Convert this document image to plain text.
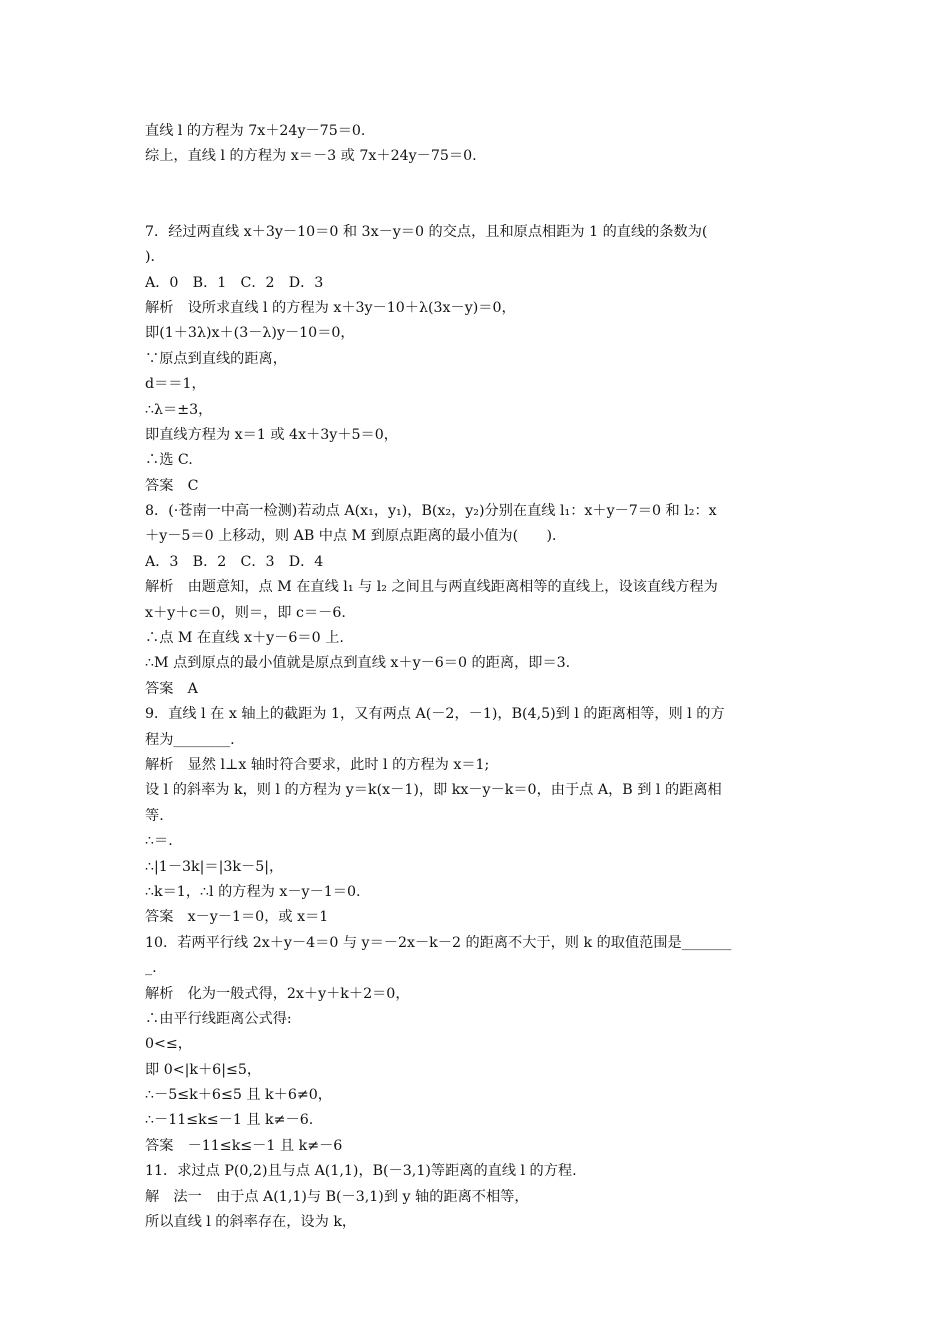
直线 l 的方程为 7x＋24y－75＝0.
综上，直线 l 的方程为 x＝－3 或 7x＋24y－75＝0.
7．经过两直线 x＋3y－10＝0 和 3x－y＝0 的交点，且和原点相距为 1 的直线的条数为(
)．
A．0　B．1　C．2　D．3
解析　设所求直线 l 的方程为 x＋3y－10＋λ(3x－y)＝0，
即(1＋3λ)x＋(3－λ)y－10＝0，
∵原点到直线的距离，
d＝＝1，
∴λ＝±3，
即直线方程为 x＝1 或 4x＋3y＋5＝0，
∴选 C.
答案　C
8．(·苍南一中高一检测)若动点 A(x₁，y₁)，B(x₂，y₂)分别在直线 l₁：x＋y－7＝0 和 l₂：x
＋y－5＝0 上移动，则 AB 中点 M 到原点距离的最小值为(　　)．
A．3　B．2　C．3　D．4
解析　由题意知，点 M 在直线 l₁ 与 l₂ 之间且与两直线距离相等的直线上，设该直线方程为
x＋y＋c＝0，则＝，即 c＝－6.
∴点 M 在直线 x＋y－6＝0 上.
∴M 点到原点的最小值就是原点到直线 x＋y－6＝0 的距离，即＝3.
答案　A
9．直线 l 在 x 轴上的截距为 1，又有两点 A(－2，－1)，B(4,5)到 l 的距离相等，则 l 的方
程为________.
解析　显然 l⊥x 轴时符合要求，此时 l 的方程为 x＝1;
设 l 的斜率为 k，则 l 的方程为 y＝k(x－1)，即 kx－y－k＝0，由于点 A，B 到 l 的距离相
等.
∴＝.
∴|1－3k|＝|3k－5|，
∴k＝1，∴l 的方程为 x－y－1＝0.
答案　x－y－1＝0，或 x＝1
10．若两平行线 2x＋y－4＝0 与 y＝－2x－k－2 的距离不大于，则 k 的取值范围是_______
_.
解析　化为一般式得，2x＋y＋k＋2＝0，
∴由平行线距离公式得:
0<≤，
即 0<|k＋6|≤5，
∴－5≤k＋6≤5 且 k＋6≠0，
∴－11≤k≤－1 且 k≠－6.
答案　－11≤k≤－1 且 k≠－6
11．求过点 P(0,2)且与点 A(1,1)，B(－3,1)等距离的直线 l 的方程.
解　法一　由于点 A(1,1)与 B(－3,1)到 y 轴的距离不相等，
所以直线 l 的斜率存在，设为 k，
